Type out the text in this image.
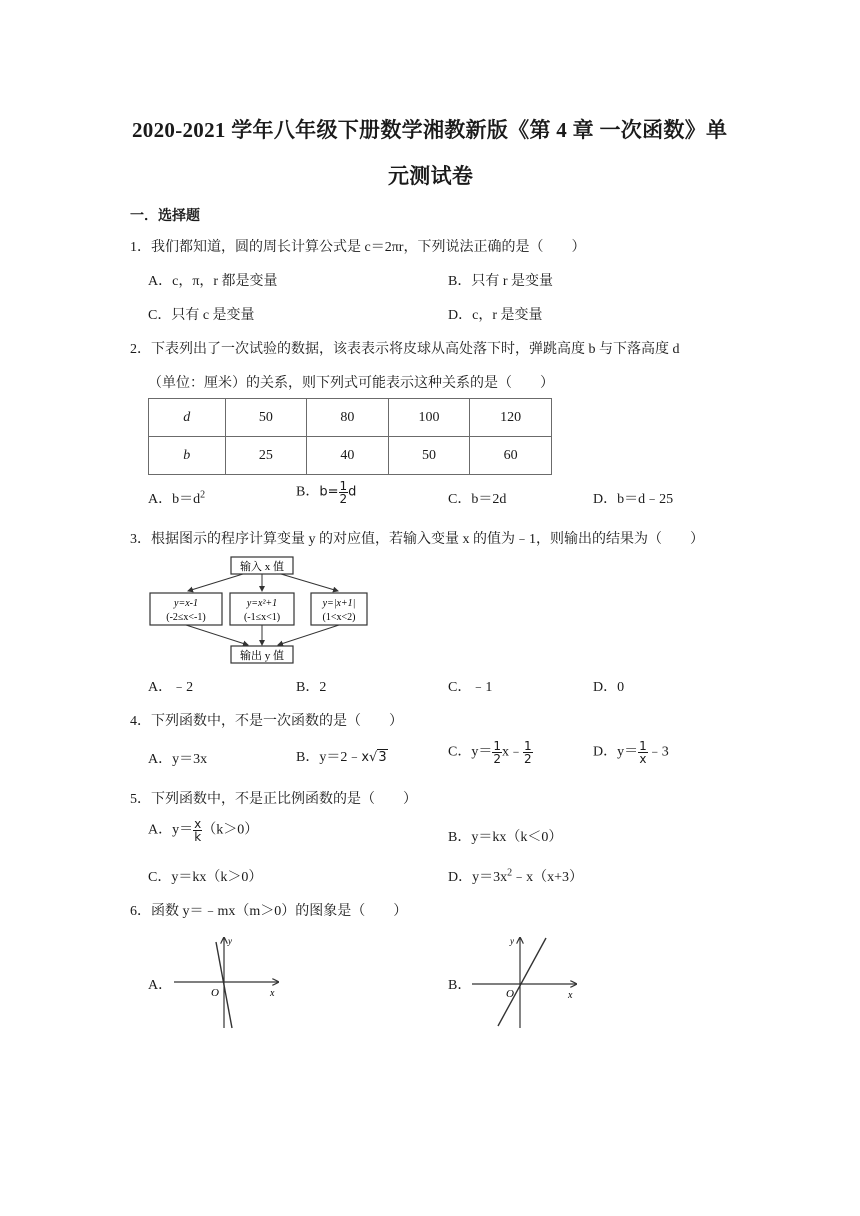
2020-2021 学年八年级下册数学湘教新版《第 4 章 一次函数》单
元测试卷
一．选择题
1．我们都知道，圆的周长计算公式是 c＝2πr，下列说法正确的是（　　）
A．c，π，r 都是变量	B．只有 r 是变量
C．只有 c 是变量	D．c，r 是变量
2．下表列出了一次试验的数据，该表表示将皮球从高处落下时，弹跳高度 b 与下落高度 d
（单位：厘米）的关系，则下列式可能表示这种关系的是（　　）
d	50	80	100	120
b	25	40	50	60
A．$b=d^2$	B．$b= \frac{1}{2}$ d	C．b＝2d	D．b＝d﹣25
3．根据图示的程序计算变量 y 的对应值，若输入变量 x 的值为﹣1，则输出的结果为（　　）
输入 x 值
y=x-1
(-2≤x<-1)
y=x²+1
(-1≤x<1)
y=|x+1|
(1<x<2)
输出 y 值
A．﹣2	B．2	C．﹣1	D．0
4．下列函数中，不是一次函数的是（　　）
A．y＝3x	B．y＝2﹣x√3	C．$y= \frac{1}{2}$ x﹣ $\frac{1}{2}$	D．$y= \frac{1}{x}$ ﹣3
5．下列函数中，不是正比例函数的是（　　）
A．$y= \frac{x}{k} (k>0)$	B．y＝kx（k＜0）
C．y＝kx（k＞0）	D．$y=3x^2﹣x(x+3)$
6．函数 y＝﹣mx（m＞0）的图象是（　　）
A．	O	x
y
B．
O	x
y
